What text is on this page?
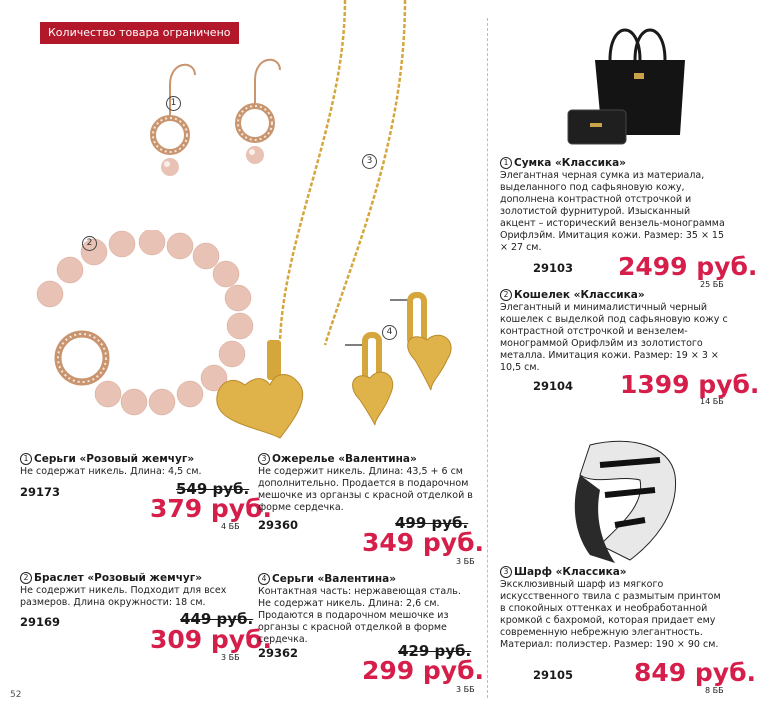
Количество товара ограничено
1
2
3
4
1 Серьги «Розовый жемчуг»
Не содержат никель. Длина: 4,5 см.
29173	549 руб.
379 руб.
4 ББ
2 Браслет «Розовый жемчуг»
Не содержит никель. Подходит для всех размеров. Длина окружности: 18 см.
29169	449 руб.
309 руб.
3 ББ
3 Ожерелье «Валентина»
Не содержит никель. Длина: 43,5 + 6 см дополнительно. Продается в подарочном мешочке из органзы с красной отделкой в форме сердечка.
29360	499 руб.
349 руб.
3 ББ
4 Серьги «Валентина»
Контактная часть: нержавеющая сталь. Не содержат никель. Длина: 2,6 см. Продаются в подарочном мешочке из органзы с красной отделкой в форме сердечка.
29362	429 руб.
299 руб.
3 ББ
1 Сумка «Классика»
Элегантная черная сумка из материала, выделанного под сафьяновую кожу, дополнена контрастной отстрочкой и золотистой фурнитурой. Изысканный акцент – исторический вензель-монограмма Орифлэйм. Имитация кожи. Размер: 35 × 15 × 27 см.
29103 2499 руб.
25 ББ
2 Кошелек «Классика»
Элегантный и минималистичный черный кошелек с выделкой под сафьяновую кожу с контрастной отстрочкой и вензелем-монограммой Орифлэйм из золотистого металла. Имитация кожи. Размер: 19 × 3 × 10,5 см.
29104 1399 руб.
14 ББ
3 Шарф «Классика»
Эксклюзивный шарф из мягкого искусственного твила с размытым принтом в спокойных оттенках и необработанной кромкой с бахромой, которая придает ему современную небрежную элегантность. Материал: полиэстер. Размер: 190 × 90 см.
29105 849 руб.
8 ББ
52
